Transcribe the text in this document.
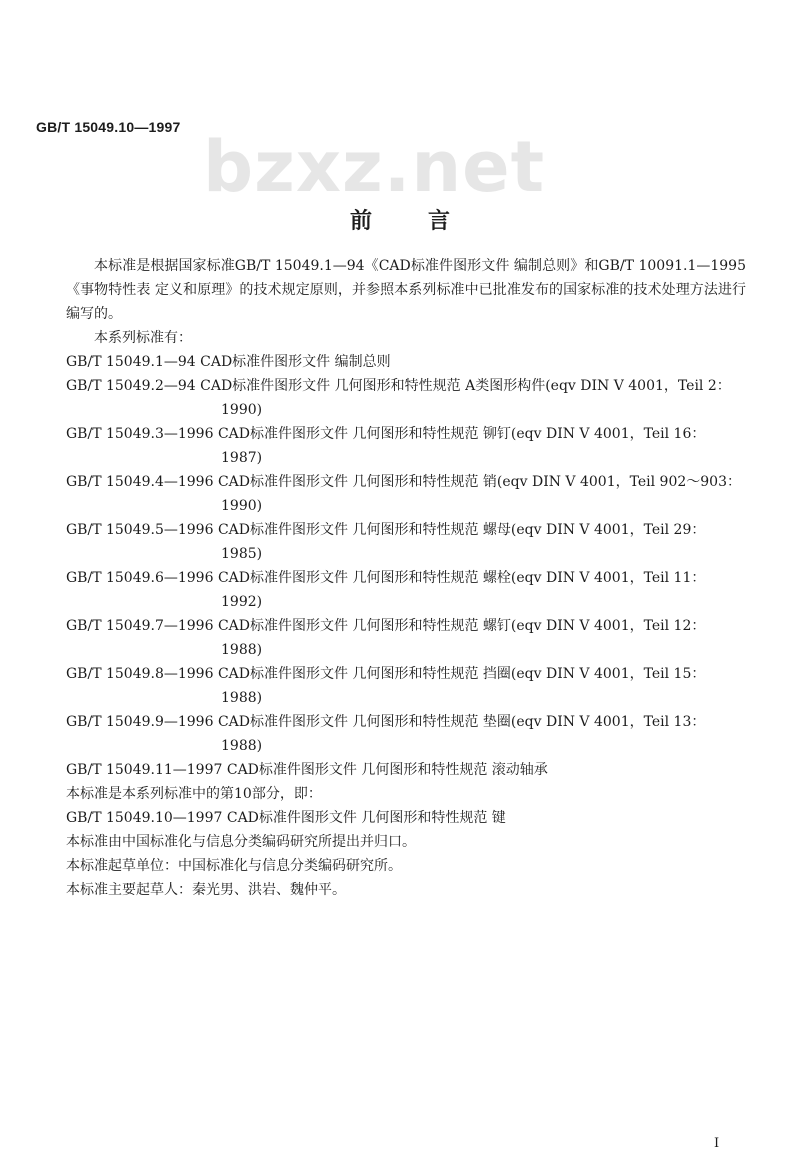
GB/T 15049.10—1997 bzxz.net
前言

本标准是根据国家标准GB/T 15049.1—94《CAD标准件图形文件 编制总则》和GB/T 10091.1—1995《事物特性表 定义和原理》的技术规定原则，并参照本系列标准中已批准发布的国家标准的技术处理方法进行编写的。

本系列标准有：

GB/T 15049.1—94 CAD标准件图形文件 编制总则
GB/T 15049.2—94 CAD标准件图形文件 几何图形和特性规范 A类图形构件(eqv DIN V 4001，Teil 2：1990)
GB/T 15049.3—1996 CAD标准件图形文件 几何图形和特性规范 铆钉(eqv DIN V 4001，Teil 16：1987)
GB/T 15049.4—1996 CAD标准件图形文件 几何图形和特性规范 销(eqv DIN V 4001，Teil 902～903：1990)
GB/T 15049.5—1996 CAD标准件图形文件 几何图形和特性规范 螺母(eqv DIN V 4001，Teil 29：1985)
GB/T 15049.6—1996 CAD标准件图形文件 几何图形和特性规范 螺栓(eqv DIN V 4001，Teil 11：1992)
GB/T 15049.7—1996 CAD标准件图形文件 几何图形和特性规范 螺钉(eqv DIN V 4001，Teil 12：1988)
GB/T 15049.8—1996 CAD标准件图形文件 几何图形和特性规范 挡圈(eqv DIN V 4001，Teil 15：1988)
GB/T 15049.9—1996 CAD标准件图形文件 几何图形和特性规范 垫圈(eqv DIN V 4001，Teil 13：1988)
GB/T 15049.11—1997 CAD标准件图形文件 几何图形和特性规范 滚动轴承

本标准是本系列标准中的第10部分，即：

GB/T 15049.10—1997 CAD标准件图形文件 几何图形和特性规范 键

本标准由中国标准化与信息分类编码研究所提出并归口。

本标准起草单位：中国标准化与信息分类编码研究所。

本标准主要起草人：秦光男、洪岩、魏仲平。

I
